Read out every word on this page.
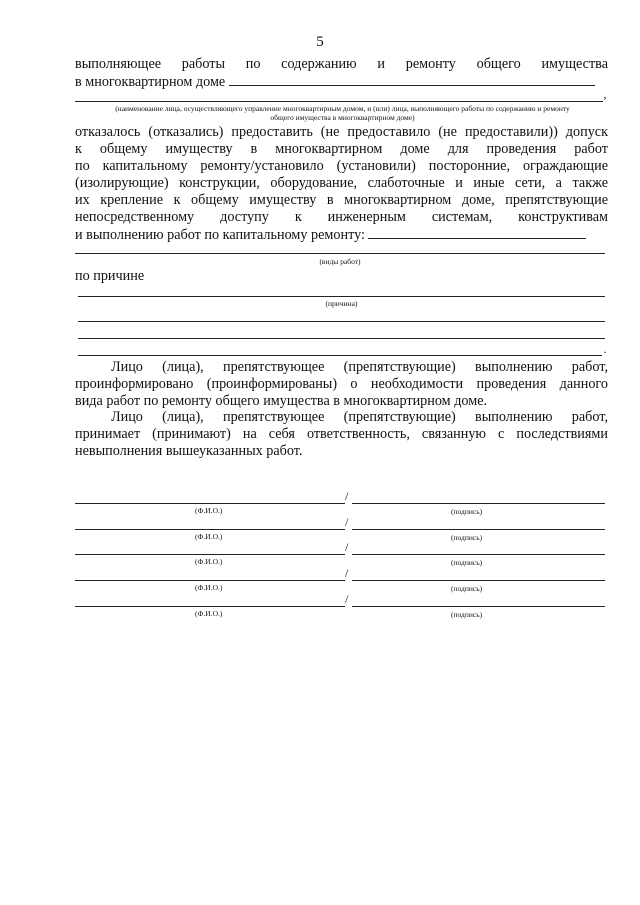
5
выполняющее работы по содержанию и ремонту общего имущества
в многоквартирном доме
,
(наименование лица, осуществляющего управление многоквартирным домом, и (или) лица, выполняющего работы по содержанию и ремонту
общего имущества в многоквартирном доме)
отказалось (отказались) предоставить (не предоставило (не предоставили)) допуск
к общему имуществу в многоквартирном доме для проведения работ
по капитальному ремонту/установило (установили) посторонние, ограждающие
(изолирующие) конструкции, оборудование, слаботочные и иные сети, а также
их крепление к общему имуществу в многоквартирном доме, препятствующие
непосредственному доступу к инженерным системам, конструктивам
и выполнению работ по капитальному ремонту:
(виды работ)
по причине
(причина)
.
Лицо (лица), препятствующее (препятствующие) выполнению работ,
проинформировано (проинформированы) о необходимости проведения данного
вида работ по ремонту общего имущества в многоквартирном доме.
Лицо (лица), препятствующее (препятствующие) выполнению работ,
принимает (принимают) на себя ответственность, связанную с последствиями
невыполнения вышеуказанных работ.
/
(Ф.И.О.)	(подпись)
/
(Ф.И.О.)	(подпись)
/
(Ф.И.О.)	(подпись)
/
(Ф.И.О.)	(подпись)
/
(Ф.И.О.)	(подпись)
